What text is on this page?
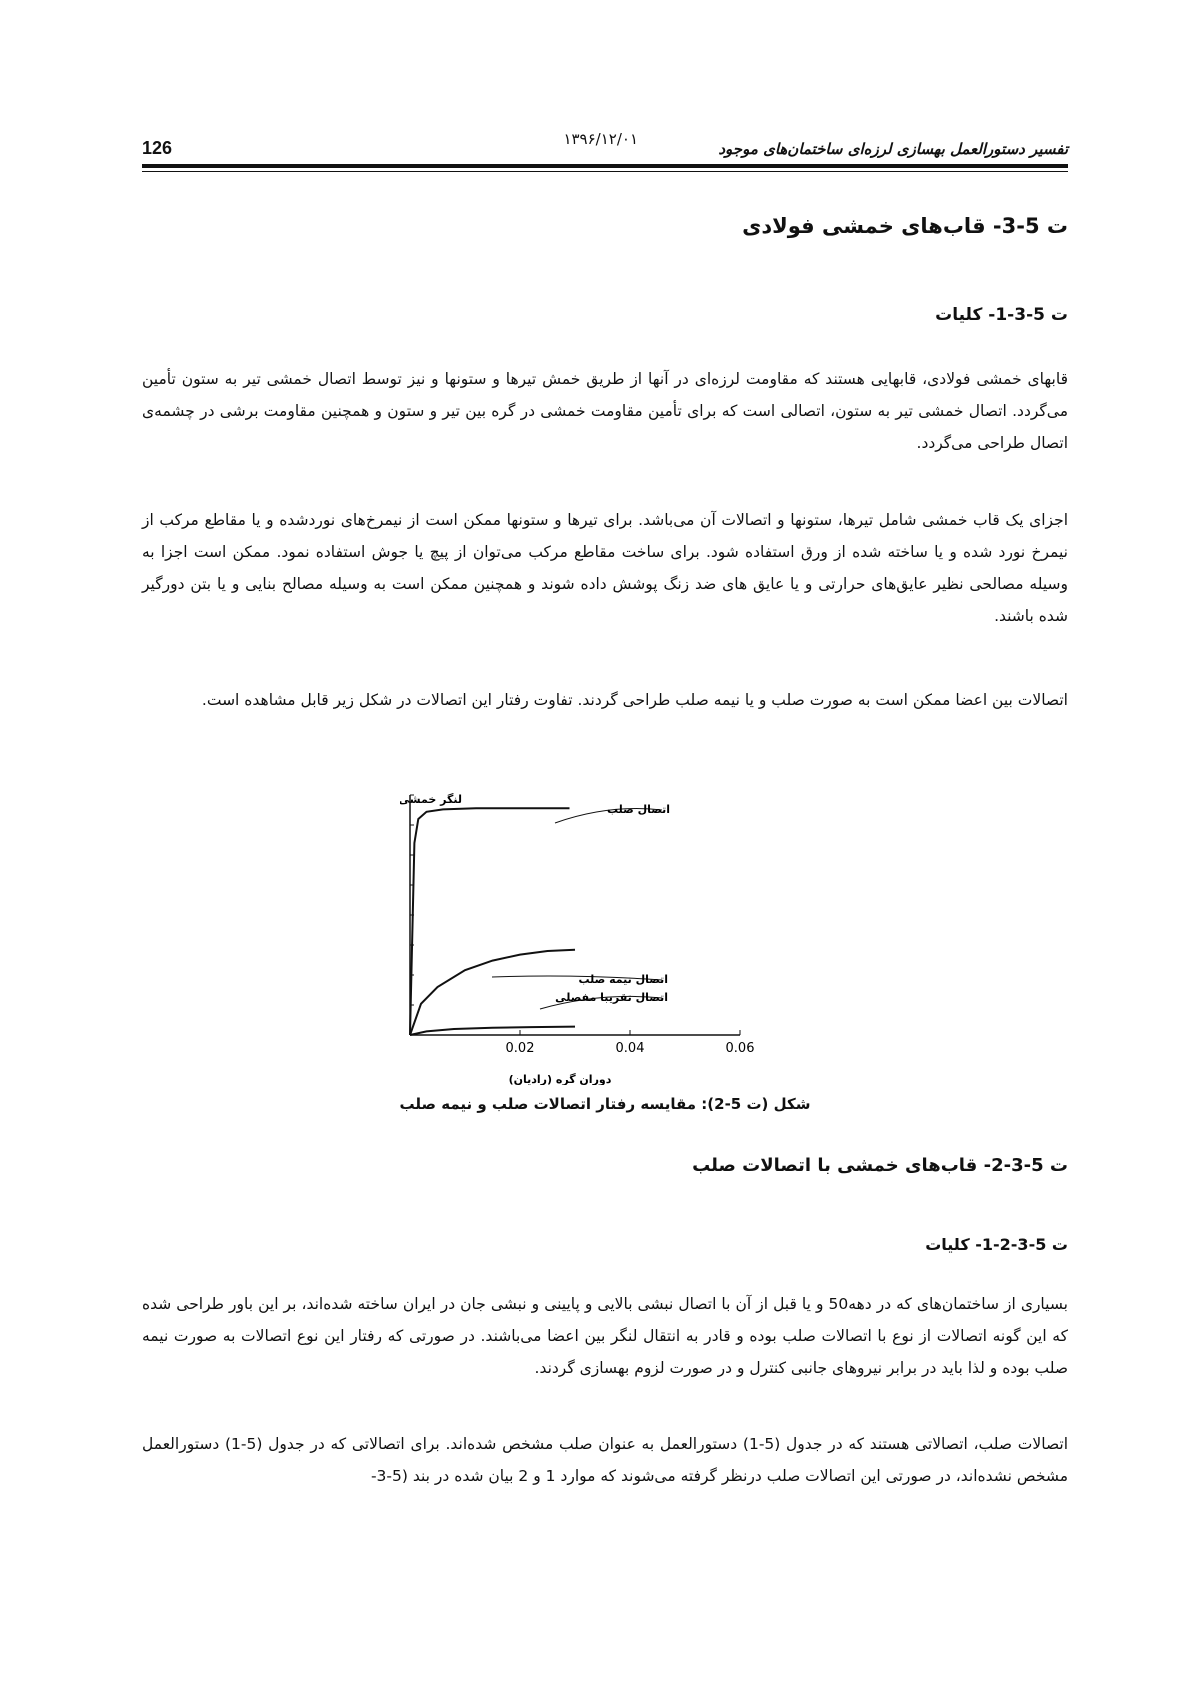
126	۱۳۹۶/۱۲/۰۱
تفسیر دستورالعمل بهسازی لرزه‌ای ساختمان‌های موجود
ت 5-3- قاب‌های خمشی فولادی
ت 5-3-1- کلیات
قابهای خمشی فولادی، قابهایی هستند که مقاومت لرزه‌ای در آنها از طریق خمش تیرها و ستونها و نیز توسط اتصال خمشی تیر به ستون تأمین می‌گردد. اتصال خمشی تیر به ستون، اتصالی است که برای تأمین مقاومت خمشی در گره بین تیر و ستون و همچنین مقاومت برشی در چشمه‌ی اتصال طراحی می‌گردد.
اجزای یک قاب خمشی شامل تیرها، ستونها و اتصالات آن می‌باشد. برای تیرها و ستونها ممکن است از نیمرخ‌های نوردشده و یا مقاطع مرکب از نیمرخ نورد شده و یا ساخته شده از ورق استفاده شود. برای ساخت مقاطع مرکب می‌توان از پیچ یا جوش استفاده نمود. ممکن است اجزا به وسیله مصالحی نظیر عایق‌های حرارتی و یا عایق های ضد زنگ پوشش داده شوند و همچنین ممکن است به وسیله مصالح بنایی و یا بتن دورگیر شده باشند.
اتصالات بین اعضا ممکن است به صورت صلب و یا نیمه صلب طراحی گردند. تفاوت رفتار این اتصالات در شکل زیر قابل مشاهده است.
لنگر خمشی
0.02	0.04	0.06
اتصال صلب
اتصال نیمه صلب
اتصال تقریبا مفصلی
دوران گره (رادیان)
شکل (ت 5-2): مقایسه رفتار اتصالات صلب و نیمه صلب
ت 5-3-2- قاب‌های خمشی با اتصالات صلب
ت 5-3-2-1- کلیات
بسیاری از ساختمان‌های که در دهه50 و یا قبل از آن با اتصال نبشی بالایی و پایینی و نبشی جان در ایران ساخته شده‌اند، بر این باور طراحی شده که این گونه اتصالات از نوع با اتصالات صلب بوده و قادر به انتقال لنگر بین اعضا می‌باشند. در صورتی که رفتار این نوع اتصالات به صورت نیمه صلب بوده و لذا باید در برابر نیروهای جانبی کنترل و در صورت لزوم بهسازی گردند.
اتصالات صلب، اتصالاتی هستند که در جدول (5-1) دستورالعمل به عنوان صلب مشخص شده‌اند. برای اتصالاتی که در جدول (5-1) دستورالعمل مشخص نشده‌اند، در صورتی این اتصالات صلب درنظر گرفته می‌شوند که موارد 1 و 2 بیان شده در بند (5-3-
